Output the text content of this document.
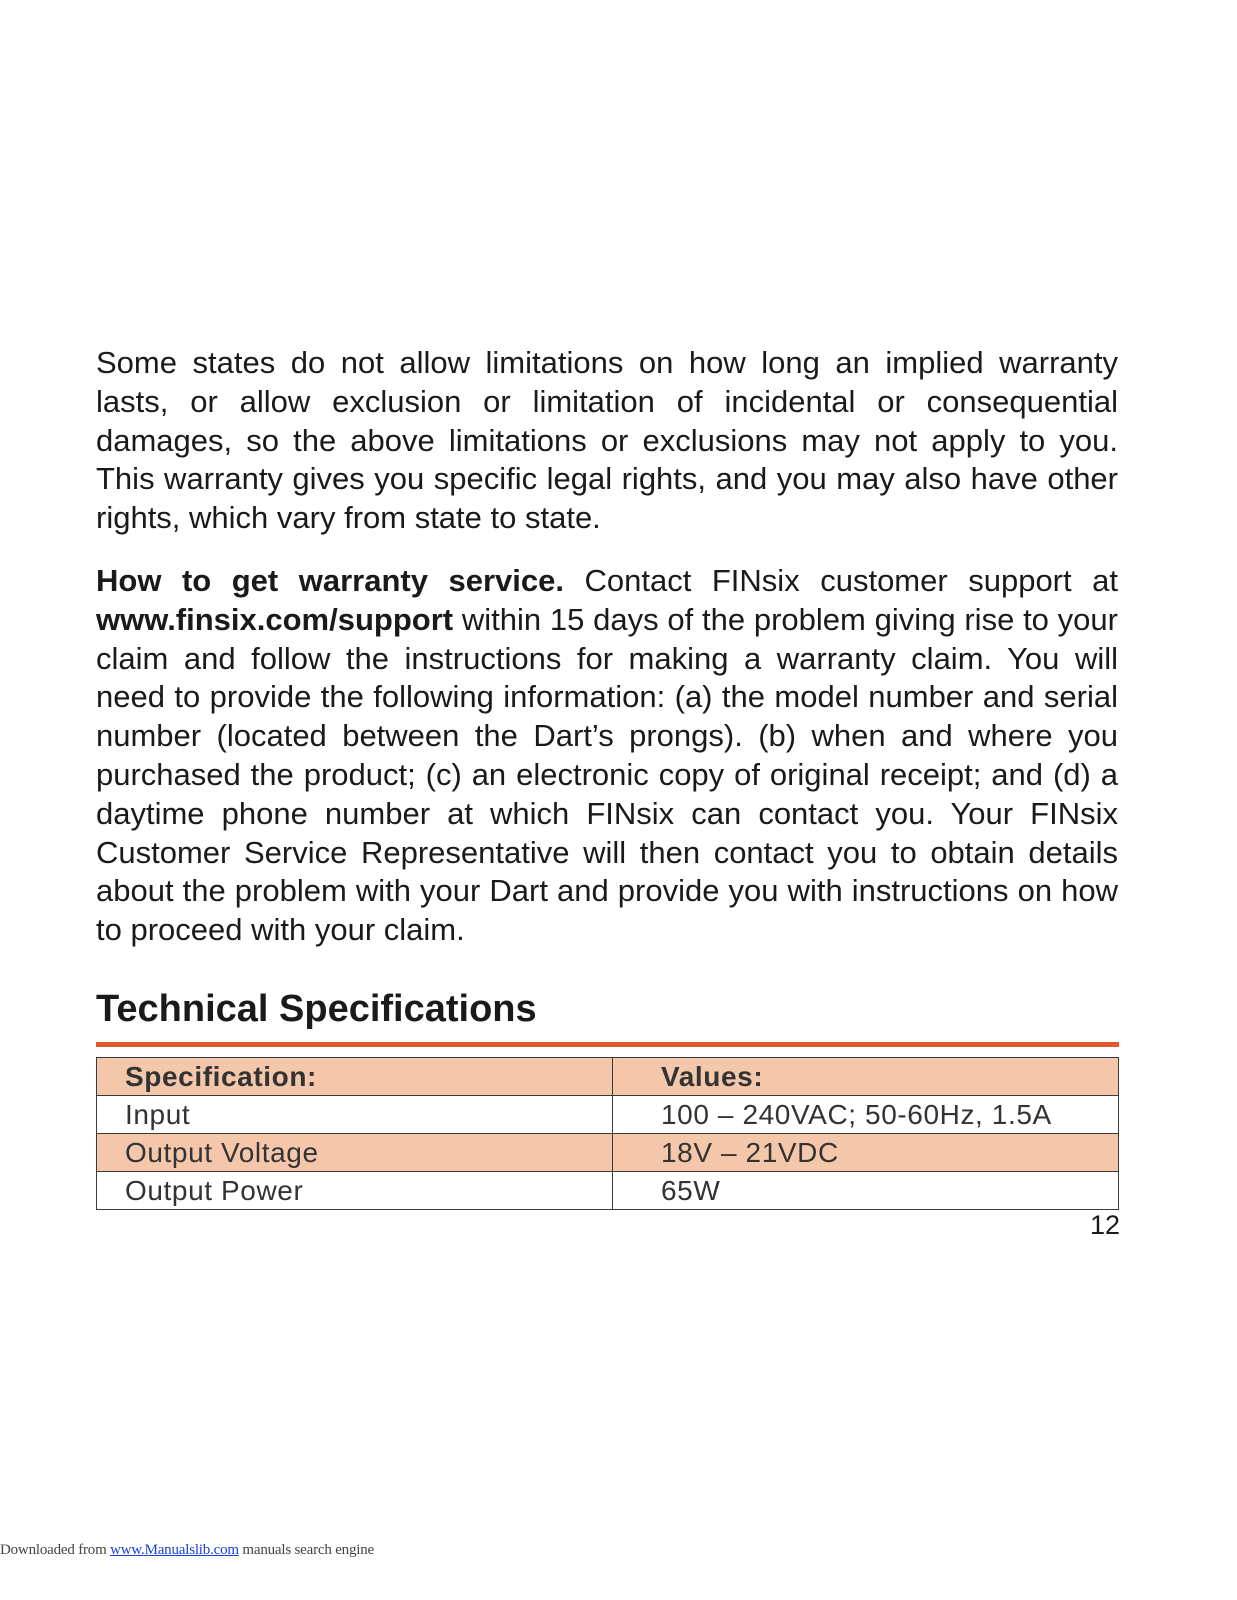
Some states do not allow limitations on how long an implied warranty lasts, or allow exclusion or limitation of incidental or consequential damages, so the above limitations or exclusions may not apply to you. This warranty gives you specific legal rights, and you may also have other rights, which vary from state to state.

How to get warranty service. Contact FINsix customer support at www.finsix.com/support within 15 days of the problem giving rise to your claim and follow the instructions for making a warranty claim. You will need to provide the following information: (a) the model number and serial number (located between the Dart’s prongs). (b) when and where you purchased the product; (c) an electronic copy of original receipt; and (d) a daytime phone number at which FINsix can contact you. Your FINsix Customer Service Representative will then contact you to obtain details about the problem with your Dart and provide you with instructions on how to proceed with your claim.

Technical Specifications
Specification:	Values:
Input	100 – 240VAC; 50-60Hz, 1.5A
Output Voltage	18V – 21VDC
Output Power	65W
12
Downloaded from www.Manualslib.com manuals search engine
